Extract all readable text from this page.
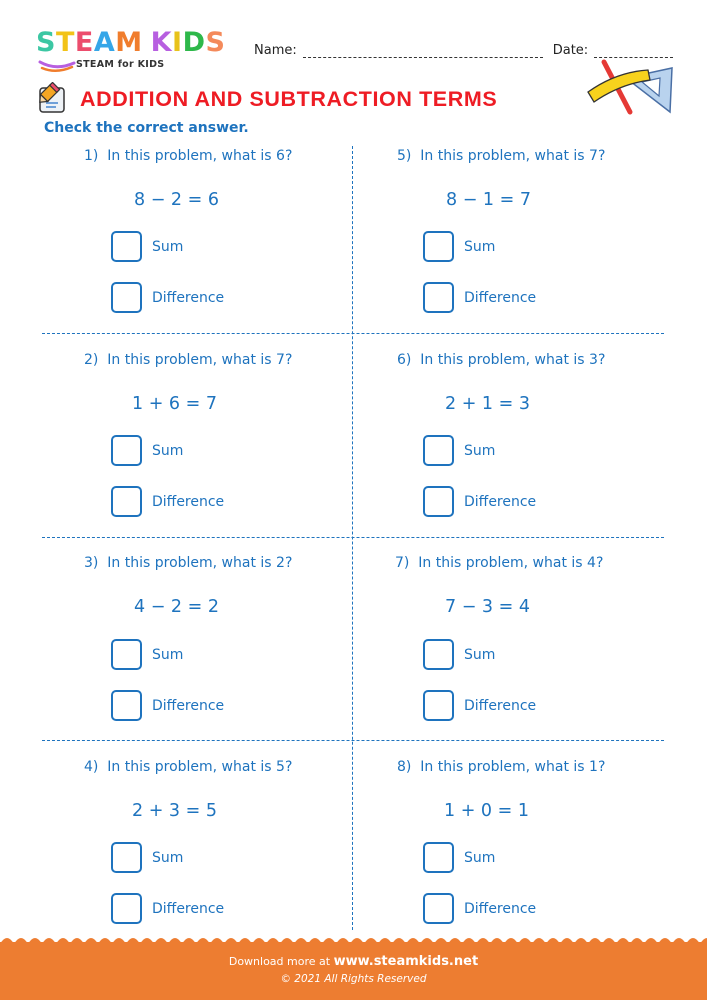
STEAM KIDS
STEAM for KIDS
Name:	Date:
ADDITION AND SUBTRACTION TERMS
Check the correct answer.
1) In this problem, what is 6?
8 − 2 = 6
Sum
Difference
2) In this problem, what is 7?
1 + 6 = 7
Sum
Difference
3) In this problem, what is 2?
4 − 2 = 2
Sum
Difference
4) In this problem, what is 5?
2 + 3 = 5
Sum
Difference
5) In this problem, what is 7?
8 − 1 = 7
Sum
Difference
6) In this problem, what is 3?
2 + 1 = 3
Sum
Difference
7) In this problem, what is 4?
7 − 3 = 4
Sum
Difference
8) In this problem, what is 1?
1 + 0 = 1
Sum
Difference
Download more at www.steamkids.net
© 2021 All Rights Reserved
